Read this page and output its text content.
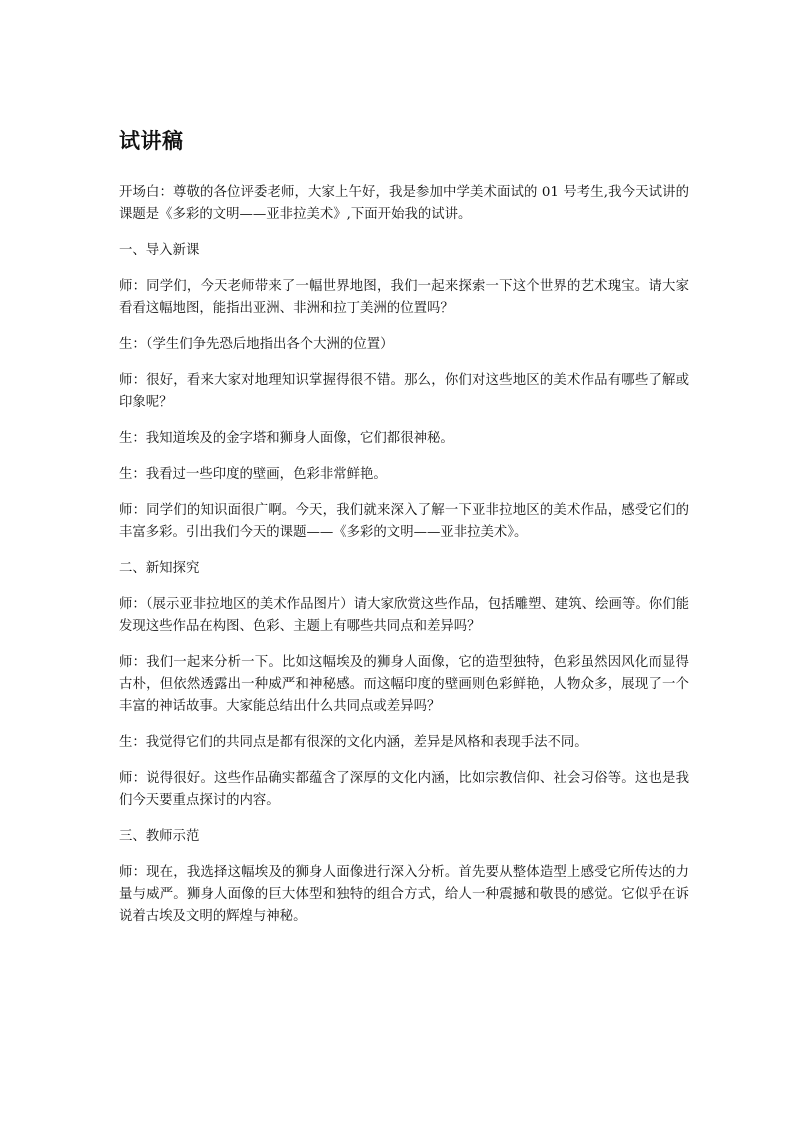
试讲稿

开场白：尊敬的各位评委老师，大家上午好，我是参加中学美术面试的 01 号考生,我今天试讲的课题是《多彩的文明——亚非拉美术》,下面开始我的试讲。

一、导入新课

师：同学们，今天老师带来了一幅世界地图，我们一起来探索一下这个世界的艺术瑰宝。请大家看看这幅地图，能指出亚洲、非洲和拉丁美洲的位置吗？

生：（学生们争先恐后地指出各个大洲的位置）

师：很好，看来大家对地理知识掌握得很不错。那么，你们对这些地区的美术作品有哪些了解或印象呢？

生：我知道埃及的金字塔和狮身人面像，它们都很神秘。

生：我看过一些印度的壁画，色彩非常鲜艳。

师：同学们的知识面很广啊。今天，我们就来深入了解一下亚非拉地区的美术作品，感受它们的丰富多彩。引出我们今天的课题——《多彩的文明——亚非拉美术》。

二、新知探究

师：（展示亚非拉地区的美术作品图片）请大家欣赏这些作品，包括雕塑、建筑、绘画等。你们能发现这些作品在构图、色彩、主题上有哪些共同点和差异吗？

师：我们一起来分析一下。比如这幅埃及的狮身人面像，它的造型独特，色彩虽然因风化而显得古朴，但依然透露出一种威严和神秘感。而这幅印度的壁画则色彩鲜艳，人物众多，展现了一个丰富的神话故事。大家能总结出什么共同点或差异吗？

生：我觉得它们的共同点是都有很深的文化内涵，差异是风格和表现手法不同。

师：说得很好。这些作品确实都蕴含了深厚的文化内涵，比如宗教信仰、社会习俗等。这也是我们今天要重点探讨的内容。

三、教师示范

师：现在，我选择这幅埃及的狮身人面像进行深入分析。首先要从整体造型上感受它所传达的力量与威严。狮身人面像的巨大体型和独特的组合方式，给人一种震撼和敬畏的感觉。它似乎在诉说着古埃及文明的辉煌与神秘。
